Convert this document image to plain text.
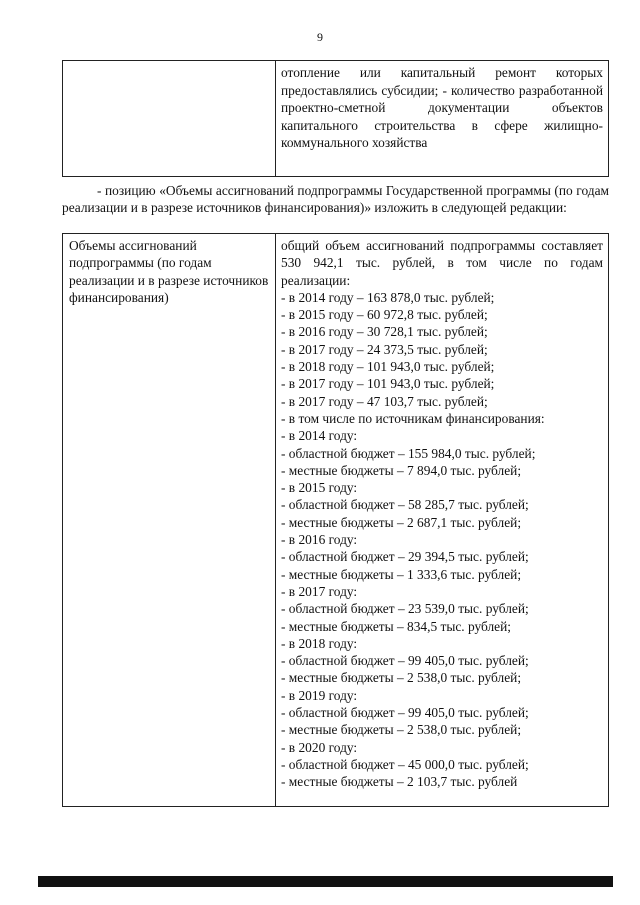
9
отопление или капитальный ремонт которых предоставлялись субсидии; - количество разработанной проектно-сметной документации объектов капитального строительства в сфере жилищно-коммунального хозяйства
- позицию «Объемы ассигнований подпрограммы Государственной программы (по годам реализации и в разрезе источников финансирования)» изложить в следующей редакции:
Объемы ассигнований подпрограммы (по годам реализации и в разрезе источников финансирования)
общий объем ассигнований подпрограммы составляет 530 942,1 тыс. рублей, в том числе по годам реализации:
- в 2014 году – 163 878,0 тыс. рублей;
- в 2015 году – 60 972,8 тыс. рублей;
- в 2016 году – 30 728,1 тыс. рублей;
- в 2017 году – 24 373,5 тыс. рублей;
- в 2018 году – 101 943,0 тыс. рублей;
- в 2017 году – 101 943,0 тыс. рублей;
- в 2017 году – 47 103,7 тыс. рублей;
- в том числе по источникам финансирования:
- в 2014 году:
- областной бюджет – 155 984,0 тыс. рублей;
- местные бюджеты – 7 894,0 тыс. рублей;
- в 2015 году:
- областной бюджет – 58 285,7 тыс. рублей;
- местные бюджеты – 2 687,1 тыс. рублей;
- в 2016 году:
- областной бюджет – 29 394,5 тыс. рублей;
- местные бюджеты – 1 333,6 тыс. рублей;
- в 2017 году:
- областной бюджет – 23 539,0 тыс. рублей;
- местные бюджеты – 834,5 тыс. рублей;
- в 2018 году:
- областной бюджет – 99 405,0 тыс. рублей;
- местные бюджеты – 2 538,0 тыс. рублей;
- в 2019 году:
- областной бюджет – 99 405,0 тыс. рублей;
- местные бюджеты – 2 538,0 тыс. рублей;
- в 2020 году:
- областной бюджет – 45 000,0 тыс. рублей;
- местные бюджеты – 2 103,7 тыс. рублей
